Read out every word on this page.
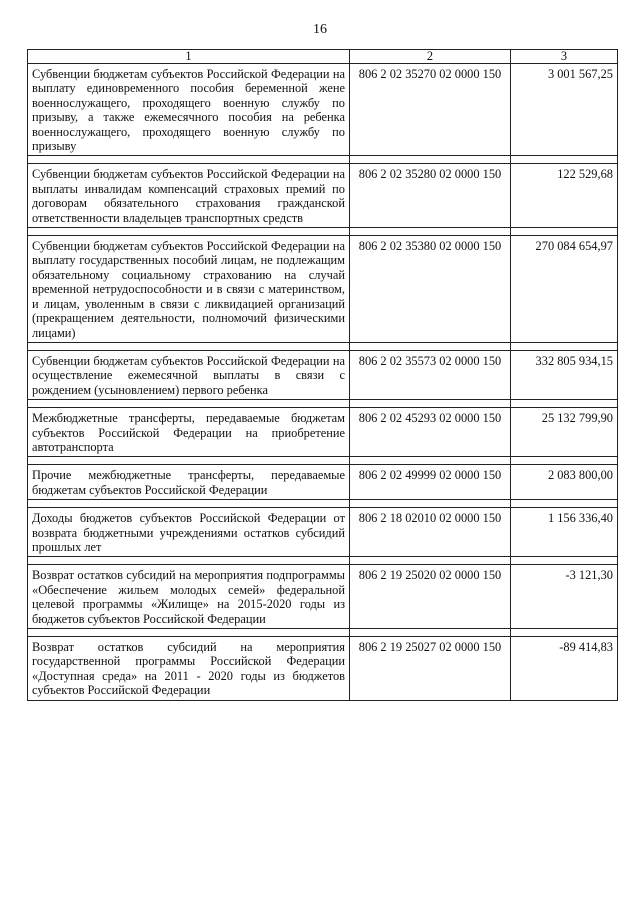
16
1	2	3
Субвенции бюджетам субъектов Российской Федерации на выплату единовременного пособия беременной жене военнослужащего, проходящего военную службу по призыву, а также ежемесячного пособия на ребенка военнослужащего, проходящего военную службу по призыву	806 2 02 35270 02 0000 150	3 001 567,25

Субвенции бюджетам субъектов Российской Федерации на выплаты инвалидам компенсаций страховых премий по договорам обязательного страхования гражданской ответственности владельцев транспортных средств	806 2 02 35280 02 0000 150	122 529,68

Субвенции бюджетам субъектов Российской Федерации на выплату государственных пособий лицам, не подлежащим обязательному социальному страхованию на случай временной нетрудоспособности и в связи с материнством, и лицам, уволенным в связи с ликвидацией организаций (прекращением деятельности, полномочий физическими лицами)	806 2 02 35380 02 0000 150	270 084 654,97

Субвенции бюджетам субъектов Российской Федерации на осуществление ежемесячной выплаты в связи с рождением (усыновлением) первого ребенка	806 2 02 35573 02 0000 150	332 805 934,15

Межбюджетные трансферты, передаваемые бюджетам субъектов Российской Федерации на приобретение автотранспорта	806 2 02 45293 02 0000 150	25 132 799,90

Прочие межбюджетные трансферты, передаваемые бюджетам субъектов Российской Федерации	806 2 02 49999 02 0000 150	2 083 800,00

Доходы бюджетов субъектов Российской Федерации от возврата бюджетными учреждениями остатков субсидий прошлых лет	806 2 18 02010 02 0000 150	1 156 336,40

Возврат остатков субсидий на мероприятия подпрограммы «Обеспечение жильем молодых семей» федеральной целевой программы «Жилище» на 2015-2020 годы из бюджетов субъектов Российской Федерации	806 2 19 25020 02 0000 150	-3 121,30

Возврат остатков субсидий на мероприятия государственной программы Российской Федерации «Доступная среда» на 2011 - 2020 годы из бюджетов субъектов Российской Федерации	806 2 19 25027 02 0000 150	-89 414,83
